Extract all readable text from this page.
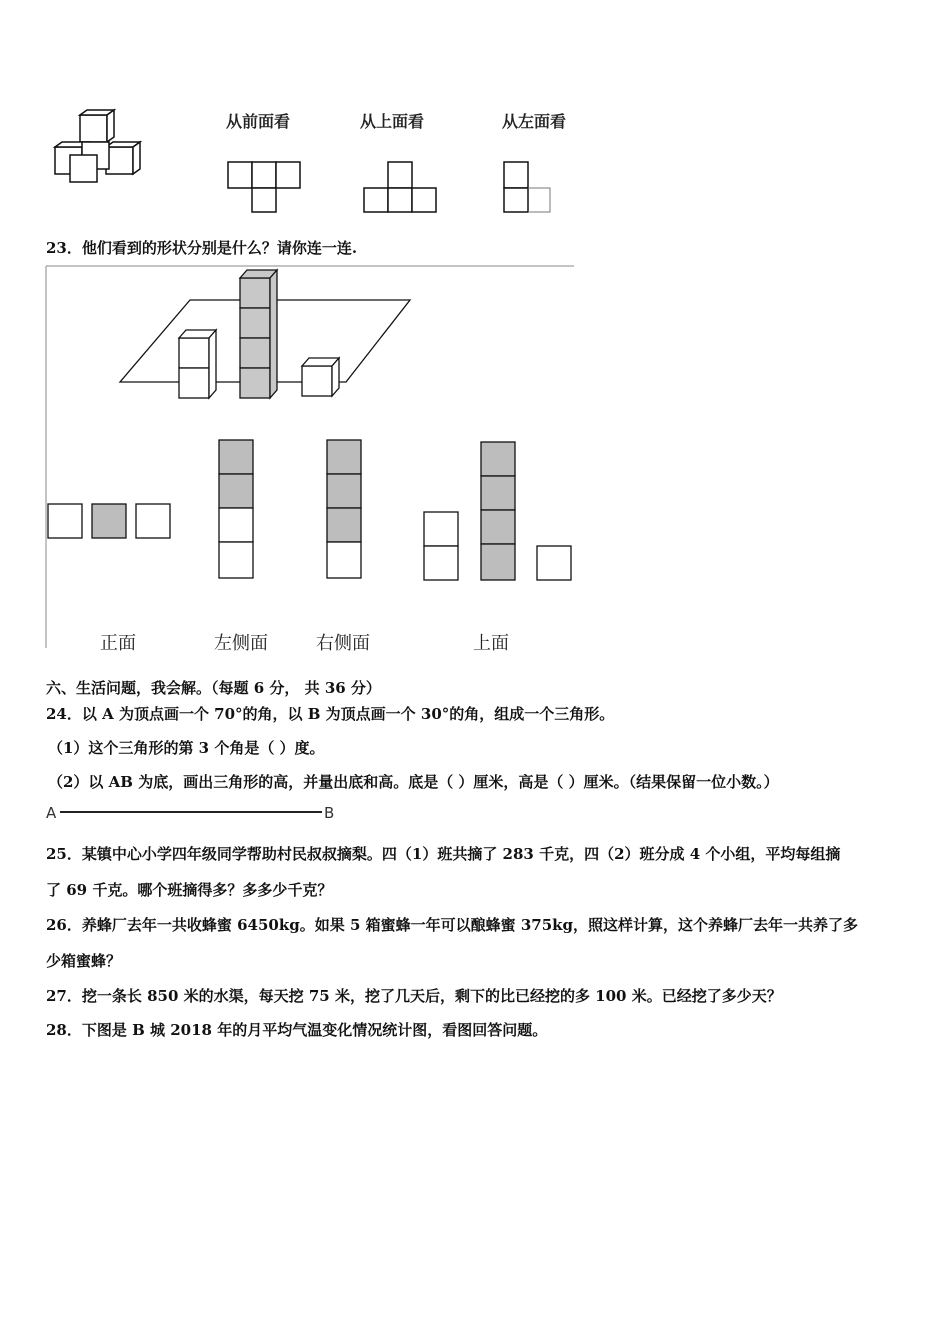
从前面看	从上面看	从左面看
23．他们看到的形状分别是什么？请你连一连.
正面	左侧面	右侧面	上面
六、生活问题，我会解。（每题 6 分， 共 36 分）
24．以 A 为顶点画一个 70°的角，以 B 为顶点画一个 30°的角，组成一个三角形。
（1）这个三角形的第 3 个角是（ ）度。
（2）以 AB 为底，画出三角形的高，并量出底和高。底是（ ）厘米，高是（ ）厘米。（结果保留一位小数。）
A	B
25．某镇中心小学四年级同学帮助村民叔叔摘梨。四（1）班共摘了 283 千克，四（2）班分成 4 个小组，平均每组摘
了 69 千克。哪个班摘得多？多多少千克？
26．养蜂厂去年一共收蜂蜜 6450kg。如果 5 箱蜜蜂一年可以酿蜂蜜 375kg，照这样计算，这个养蜂厂去年一共养了多
少箱蜜蜂？
27．挖一条长 850 米的水渠，每天挖 75 米，挖了几天后，剩下的比已经挖的多 100 米。已经挖了多少天？
28．下图是 B 城 2018 年的月平均气温变化情况统计图，看图回答问题。
